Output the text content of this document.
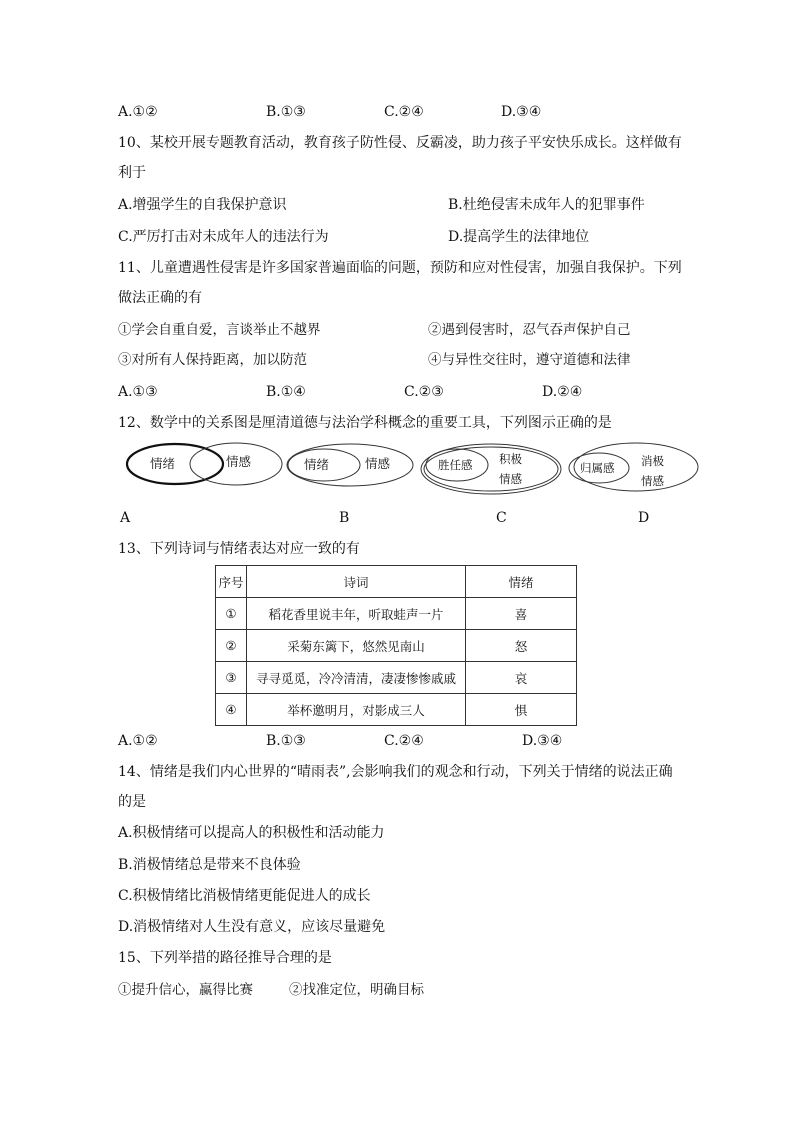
A.①②	B.①③	C.②④	D.③④
10、某校开展专题教育活动，教育孩子防性侵、反霸凌，助力孩子平安快乐成长。这样做有
利于
A.增强学生的自我保护意识	B.杜绝侵害未成年人的犯罪事件
C.严厉打击对未成年人的违法行为	D.提高学生的法律地位
11、儿童遭遇性侵害是许多国家普遍面临的问题，预防和应对性侵害，加强自我保护。下列
做法正确的有
①学会自重自爱，言谈举止不越界	②遇到侵害时，忍气吞声保护自己
③对所有人保持距离，加以防范	④与异性交往时，遵守道德和法律
A.①③	B.①④	C.②③	D.②④
12、数学中的关系图是厘清道德与法治学科概念的重要工具，下列图示正确的是
情绪	情感	情绪	情感	胜任感 积极
情感
归属感 消极
情感
A	B	C	D
13、下列诗词与情绪表达对应一致的有
序号	诗词	情绪
①	稻花香里说丰年，听取蛙声一片	喜
②	采菊东篱下，悠然见南山	怒
③	寻寻觅觅，冷冷清清，凄凄惨惨戚戚	哀
④	举杯邀明月，对影成三人	惧
A.①②	B.①③	C.②④	D.③④
14、情绪是我们内心世界的“晴雨表”,会影响我们的观念和行动，下列关于情绪的说法正确
的是
A.积极情绪可以提高人的积极性和活动能力
B.消极情绪总是带来不良体验
C.积极情绪比消极情绪更能促进人的成长
D.消极情绪对人生没有意义，应该尽量避免
15、下列举措的路径推导合理的是
①提升信心，赢得比赛	②找准定位，明确目标
